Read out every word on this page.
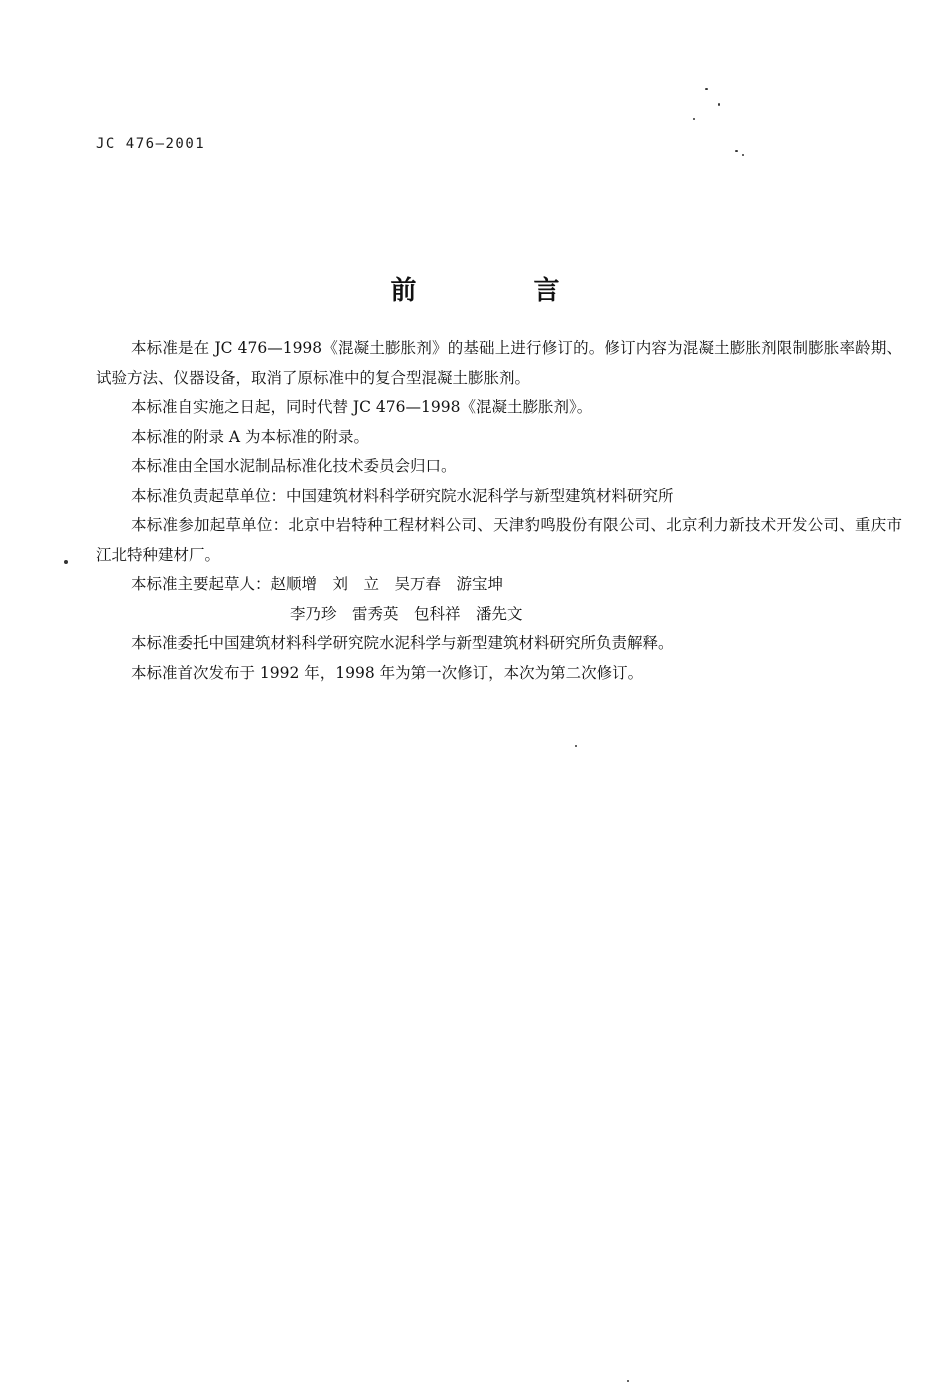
JC 476—2001
前 言

本标准是在 JC 476—1998《混凝土膨胀剂》的基础上进行修订的。修订内容为混凝土膨胀剂限制膨胀率龄期、试验方法、仪器设备，取消了原标准中的复合型混凝土膨胀剂。

本标准自实施之日起，同时代替 JC 476—1998《混凝土膨胀剂》。

本标准的附录 A 为本标准的附录。

本标准由全国水泥制品标准化技术委员会归口。

本标准负责起草单位：中国建筑材料科学研究院水泥科学与新型建筑材料研究所

本标准参加起草单位：北京中岩特种工程材料公司、天津豹鸣股份有限公司、北京利力新技术开发公司、重庆市江北特种建材厂。

本标准主要起草人：赵顺增　刘　立　吴万春　游宝坤

李乃珍　雷秀英　包科祥　潘先文

本标准委托中国建筑材料科学研究院水泥科学与新型建筑材料研究所负责解释。

本标准首次发布于 1992 年，1998 年为第一次修订，本次为第二次修订。
